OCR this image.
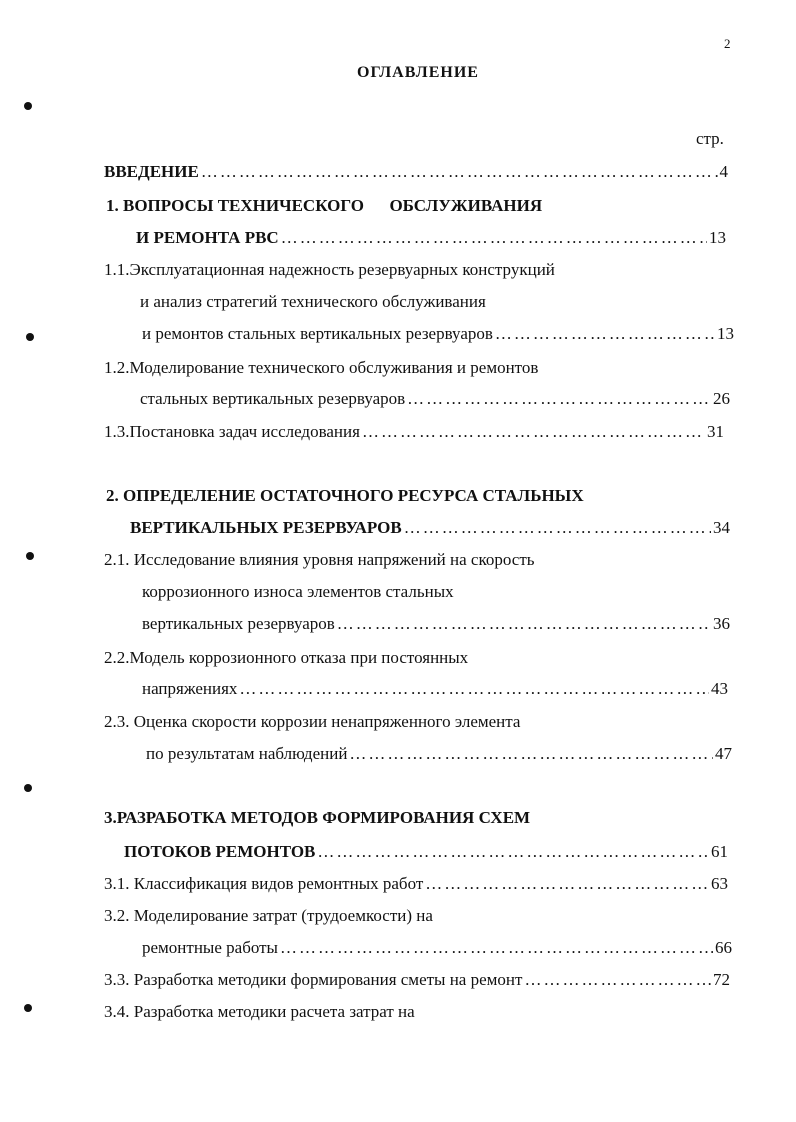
2
ОГЛАВЛЕНИЕ
стр.
ВВЕДЕНИЕ ……………………………………………………………………………………………………………………………………	4
1. ВОПРОСЫ ТЕХНИЧЕСКОГО      ОБСЛУЖИВАНИЯ
И РЕМОНТА РВС ……………………………………………………………………………………………………………………………………	13
1.1.Эксплуатационная надежность резервуарных конструкций
и анализ стратегий технического обслуживания
и ремонтов стальных вертикальных резервуаров ……………………………………………………………………………………………………………………………………	13
1.2.Моделирование технического обслуживания и ремонтов
стальных вертикальных резервуаров ……………………………………………………………………………………………………………………………………	26
1.3.Постановка задач исследования ……………………………………………………………………………………………………………………………………	31
2. ОПРЕДЕЛЕНИЕ ОСТАТОЧНОГО РЕСУРСА СТАЛЬНЫХ
ВЕРТИКАЛЬНЫХ РЕЗЕРВУАРОВ ……………………………………………………………………………………………………………………………………	34
2.1. Исследование влияния уровня напряжений на скорость
коррозионного износа элементов стальных
вертикальных резервуаров ……………………………………………………………………………………………………………………………………	36
2.2.Модель коррозионного отказа при постоянных
напряжениях ……………………………………………………………………………………………………………………………………	43
2.3. Оценка скорости коррозии ненапряженного элемента
по результатам наблюдений ……………………………………………………………………………………………………………………………………	47
3.РАЗРАБОТКА МЕТОДОВ ФОРМИРОВАНИЯ СХЕМ
ПОТОКОВ РЕМОНТОВ ……………………………………………………………………………………………………………………………………	61
3.1. Классификация видов ремонтных работ ……………………………………………………………………………………………………………………………………	63
3.2. Моделирование затрат (трудоемкости) на
ремонтные работы ……………………………………………………………………………………………………………………………………	66
3.3. Разработка методики формирования сметы на ремонт ……………………………………………………………………………………………………………………………………	72
3.4. Разработка методики расчета затрат на
